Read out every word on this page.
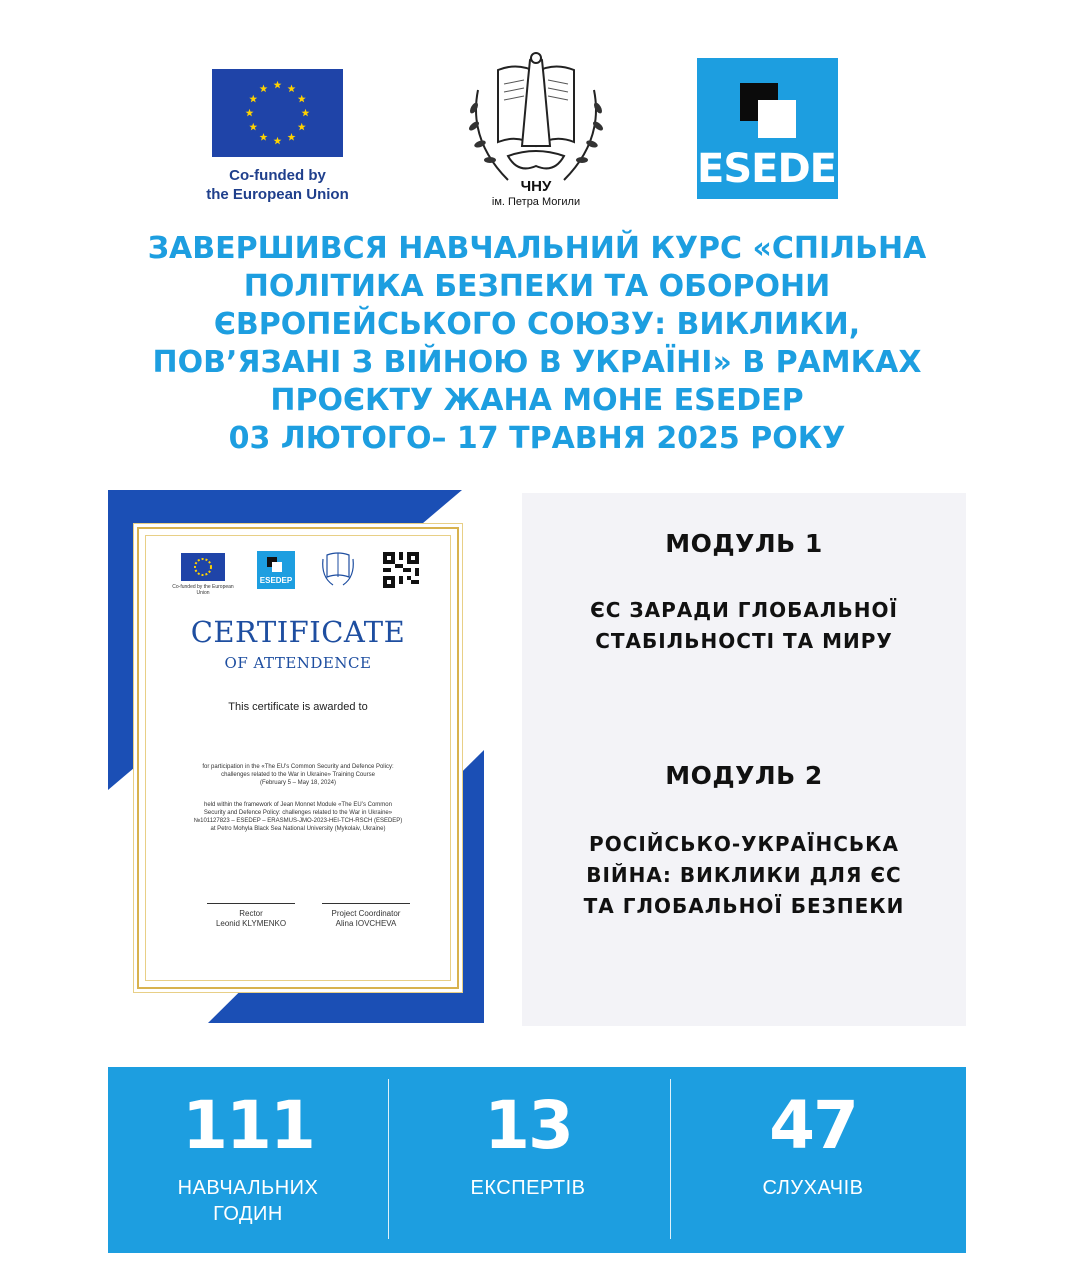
Co-funded by
the European Union	ЧНУ
ім. Петра Могили
ESEDEP
ЗАВЕРШИВСЯ НАВЧАЛЬНИЙ КУРС «СПІЛЬНА
ПОЛІТИКА БЕЗПЕКИ ТА ОБОРОНИ
ЄВРОПЕЙСЬКОГО СОЮЗУ: ВИКЛИКИ,
ПОВ’ЯЗАНІ З ВІЙНОЮ В УКРАЇНІ» В РАМКАХ
ПРОЄКТУ ЖАНА МОНЕ ESEDEP
03 ЛЮТОГО– 17 ТРАВНЯ 2025 РОКУ
Co-funded by the European Union
ESEDEP
CERTIFICATE
OF ATTENDENCE
This certificate is awarded to
for participation in the «The EU’s Common Security and Defence Policy:
challenges related to the War in Ukraine» Training Course
(February 5 – May 18, 2024)
held within the framework of Jean Monnet Module «The EU’s Common
Security and Defence Policy: challenges related to the War in Ukraine»
№101127823 – ESEDEP – ERASMUS-JMO-2023-HEI-TCH-RSCH (ESEDEP)
at Petro Mohyla Black Sea National University (Mykolaiv, Ukraine)
Rector
Leonid KLYMENKO
Project Coordinator
Alina IOVCHEVA
МОДУЛЬ 1
ЄС ЗАРАДИ ГЛОБАЛЬНОЇ
СТАБІЛЬНОСТІ ТА МИРУ
МОДУЛЬ 2
РОСІЙСЬКО-УКРАЇНСЬКА
ВІЙНА: ВИКЛИКИ ДЛЯ ЄС
ТА ГЛОБАЛЬНОЇ БЕЗПЕКИ
111
НАВЧАЛЬНИХ
ГОДИН
13
ЕКСПЕРТІВ
47
СЛУХАЧІВ
